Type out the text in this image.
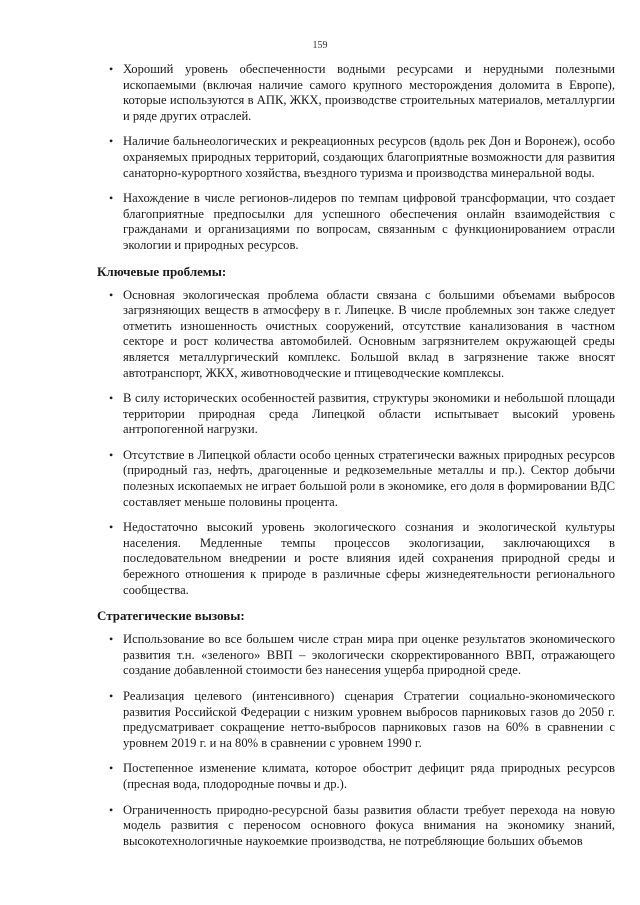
159
• Хороший уровень обеспеченности водными ресурсами и нерудными полезными ископаемыми (включая наличие самого крупного месторождения доломита в Европе), которые используются в АПК, ЖКХ, производстве строительных материалов, металлургии и ряде других отраслей.
• Наличие бальнеологических и рекреационных ресурсов (вдоль рек Дон и Воронеж), особо охраняемых природных территорий, создающих благоприятные возможности для развития санаторно-курортного хозяйства, въездного туризма и производства минеральной воды.
• Нахождение в числе регионов-лидеров по темпам цифровой трансформации, что создает благоприятные предпосылки для успешного обеспечения онлайн взаимодействия с гражданами и организациями по вопросам, связанным с функционированием отрасли экологии и природных ресурсов.
Ключевые проблемы:
• Основная экологическая проблема области связана с большими объемами выбросов загрязняющих веществ в атмосферу в г. Липецке. В числе проблемных зон также следует отметить изношенность очистных сооружений, отсутствие канализования в частном секторе и рост количества автомобилей. Основным загрязнителем окружающей среды является металлургический комплекс. Большой вклад в загрязнение также вносят автотранспорт, ЖКХ, животноводческие и птицеводческие комплексы.
• В силу исторических особенностей развития, структуры экономики и небольшой площади территории природная среда Липецкой области испытывает высокий уровень антропогенной нагрузки.
• Отсутствие в Липецкой области особо ценных стратегически важных природных ресурсов (природный газ, нефть, драгоценные и редкоземельные металлы и пр.). Сектор добычи полезных ископаемых не играет большой роли в экономике, его доля в формировании ВДС составляет меньше половины процента.
• Недостаточно высокий уровень экологического сознания и экологической культуры населения. Медленные темпы процессов экологизации, заключающихся в последовательном внедрении и росте влияния идей сохранения природной среды и бережного отношения к природе в различные сферы жизнедеятельности регионального сообщества.
Стратегические вызовы:
• Использование во все большем числе стран мира при оценке результатов экономического развития т.н. «зеленого» ВВП – экологически скорректированного ВВП, отражающего создание добавленной стоимости без нанесения ущерба природной среде.
• Реализация целевого (интенсивного) сценария Стратегии социально-экономического развития Российской Федерации с низким уровнем выбросов парниковых газов до 2050 г. предусматривает сокращение нетто-выбросов парниковых газов на 60% в сравнении с уровнем 2019 г. и на 80% в сравнении с уровнем 1990 г.
• Постепенное изменение климата, которое обострит дефицит ряда природных ресурсов (пресная вода, плодородные почвы и др.).
• Ограниченность природно-ресурсной базы развития области требует перехода на новую модель развития с переносом основного фокуса внимания на экономику знаний, высокотехнологичные наукоемкие производства, не потребляющие больших объемов
